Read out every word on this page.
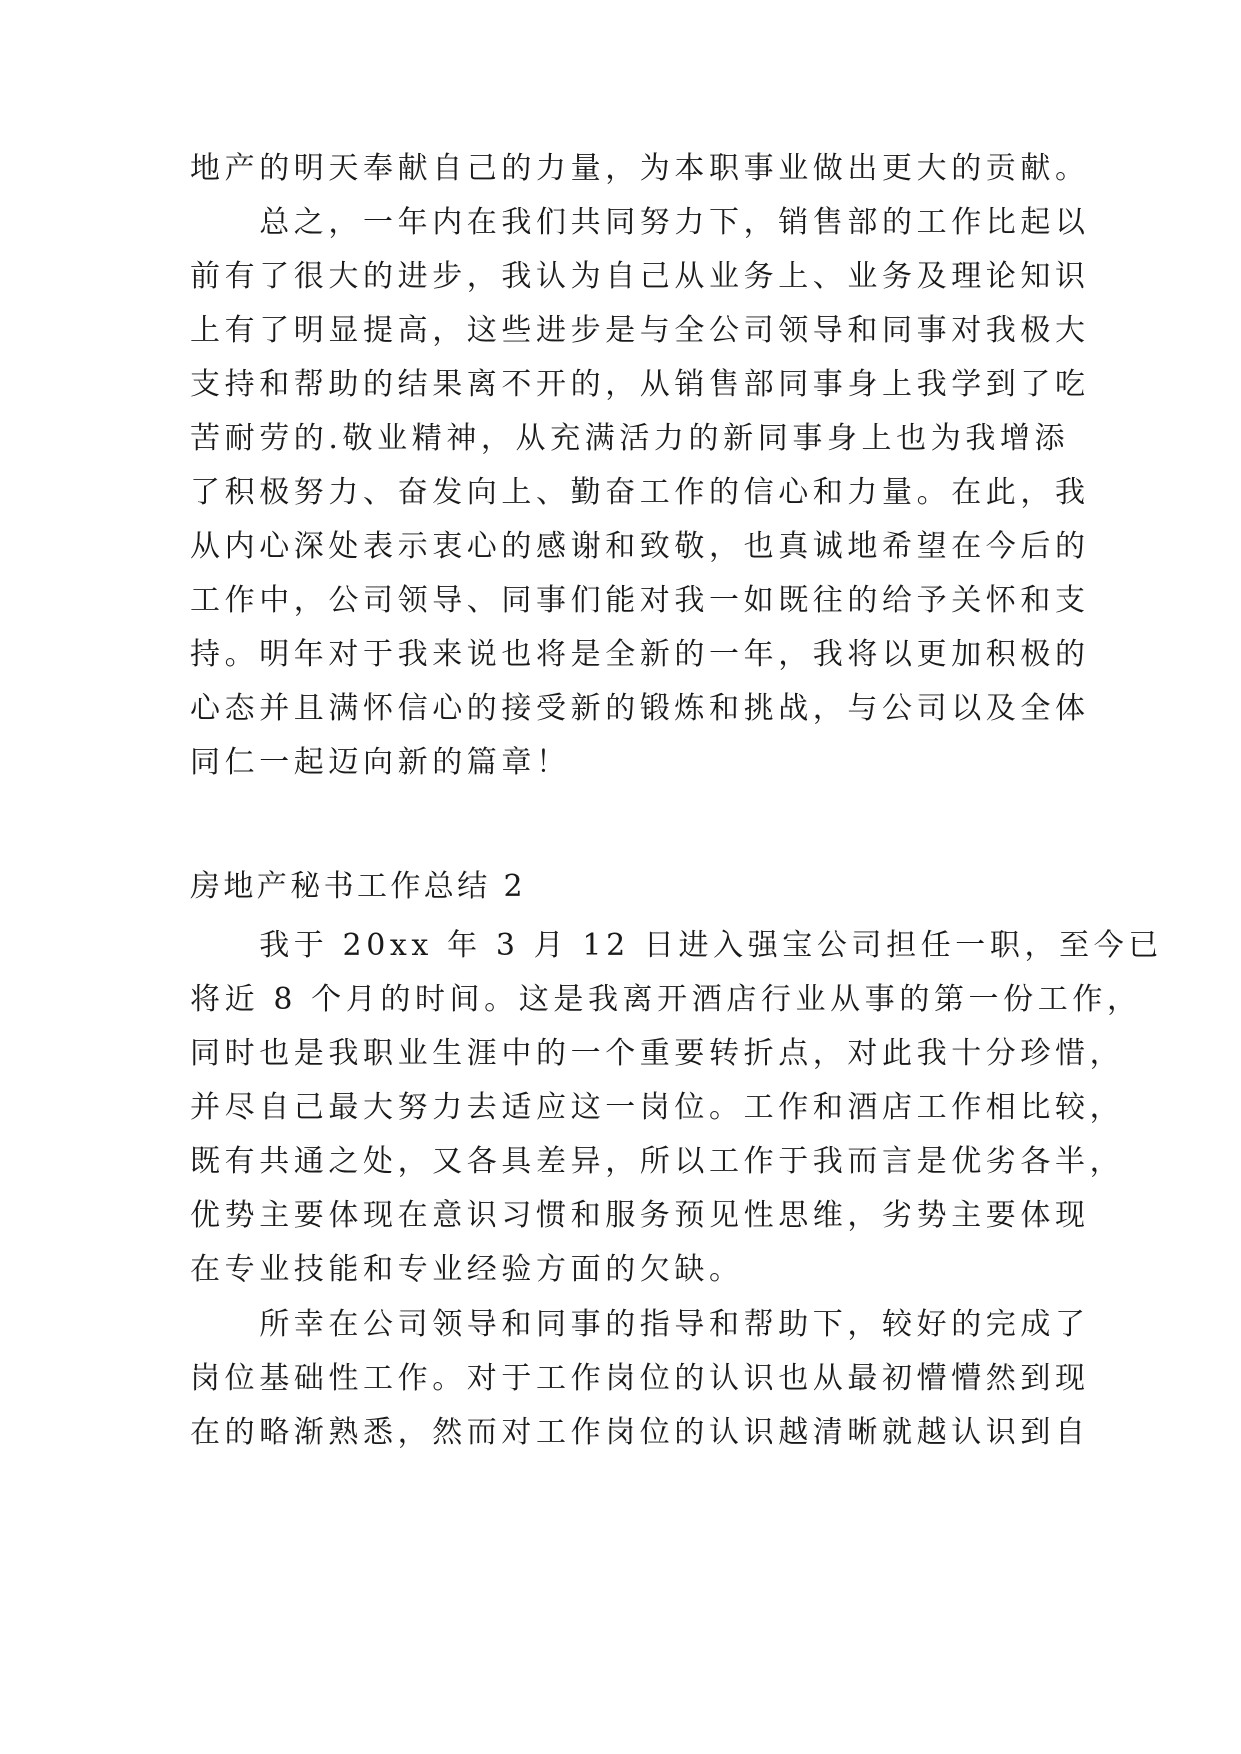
地产的明天奉献自己的力量，为本职事业做出更大的贡献。
　　总之，一年内在我们共同努力下，销售部的工作比起以
前有了很大的进步，我认为自己从业务上、业务及理论知识
上有了明显提高，这些进步是与全公司领导和同事对我极大
支持和帮助的结果离不开的，从销售部同事身上我学到了吃
苦耐劳的.敬业精神，从充满活力的新同事身上也为我增添
了积极努力、奋发向上、勤奋工作的信心和力量。在此，我
从内心深处表示衷心的感谢和致敬，也真诚地希望在今后的
工作中，公司领导、同事们能对我一如既往的给予关怀和支
持。明年对于我来说也将是全新的一年，我将以更加积极的
心态并且满怀信心的接受新的锻炼和挑战，与公司以及全体
同仁一起迈向新的篇章！
房地产秘书工作总结 2
　　我于 20xx 年 3 月 12 日进入强宝公司担任一职，至今已
将近 8 个月的时间。这是我离开酒店行业从事的第一份工作，
同时也是我职业生涯中的一个重要转折点，对此我十分珍惜，
并尽自己最大努力去适应这一岗位。工作和酒店工作相比较，
既有共通之处，又各具差异，所以工作于我而言是优劣各半，
优势主要体现在意识习惯和服务预见性思维，劣势主要体现
在专业技能和专业经验方面的欠缺。
　　所幸在公司领导和同事的指导和帮助下，较好的完成了
岗位基础性工作。对于工作岗位的认识也从最初懵懵然到现
在的略渐熟悉，然而对工作岗位的认识越清晰就越认识到自
